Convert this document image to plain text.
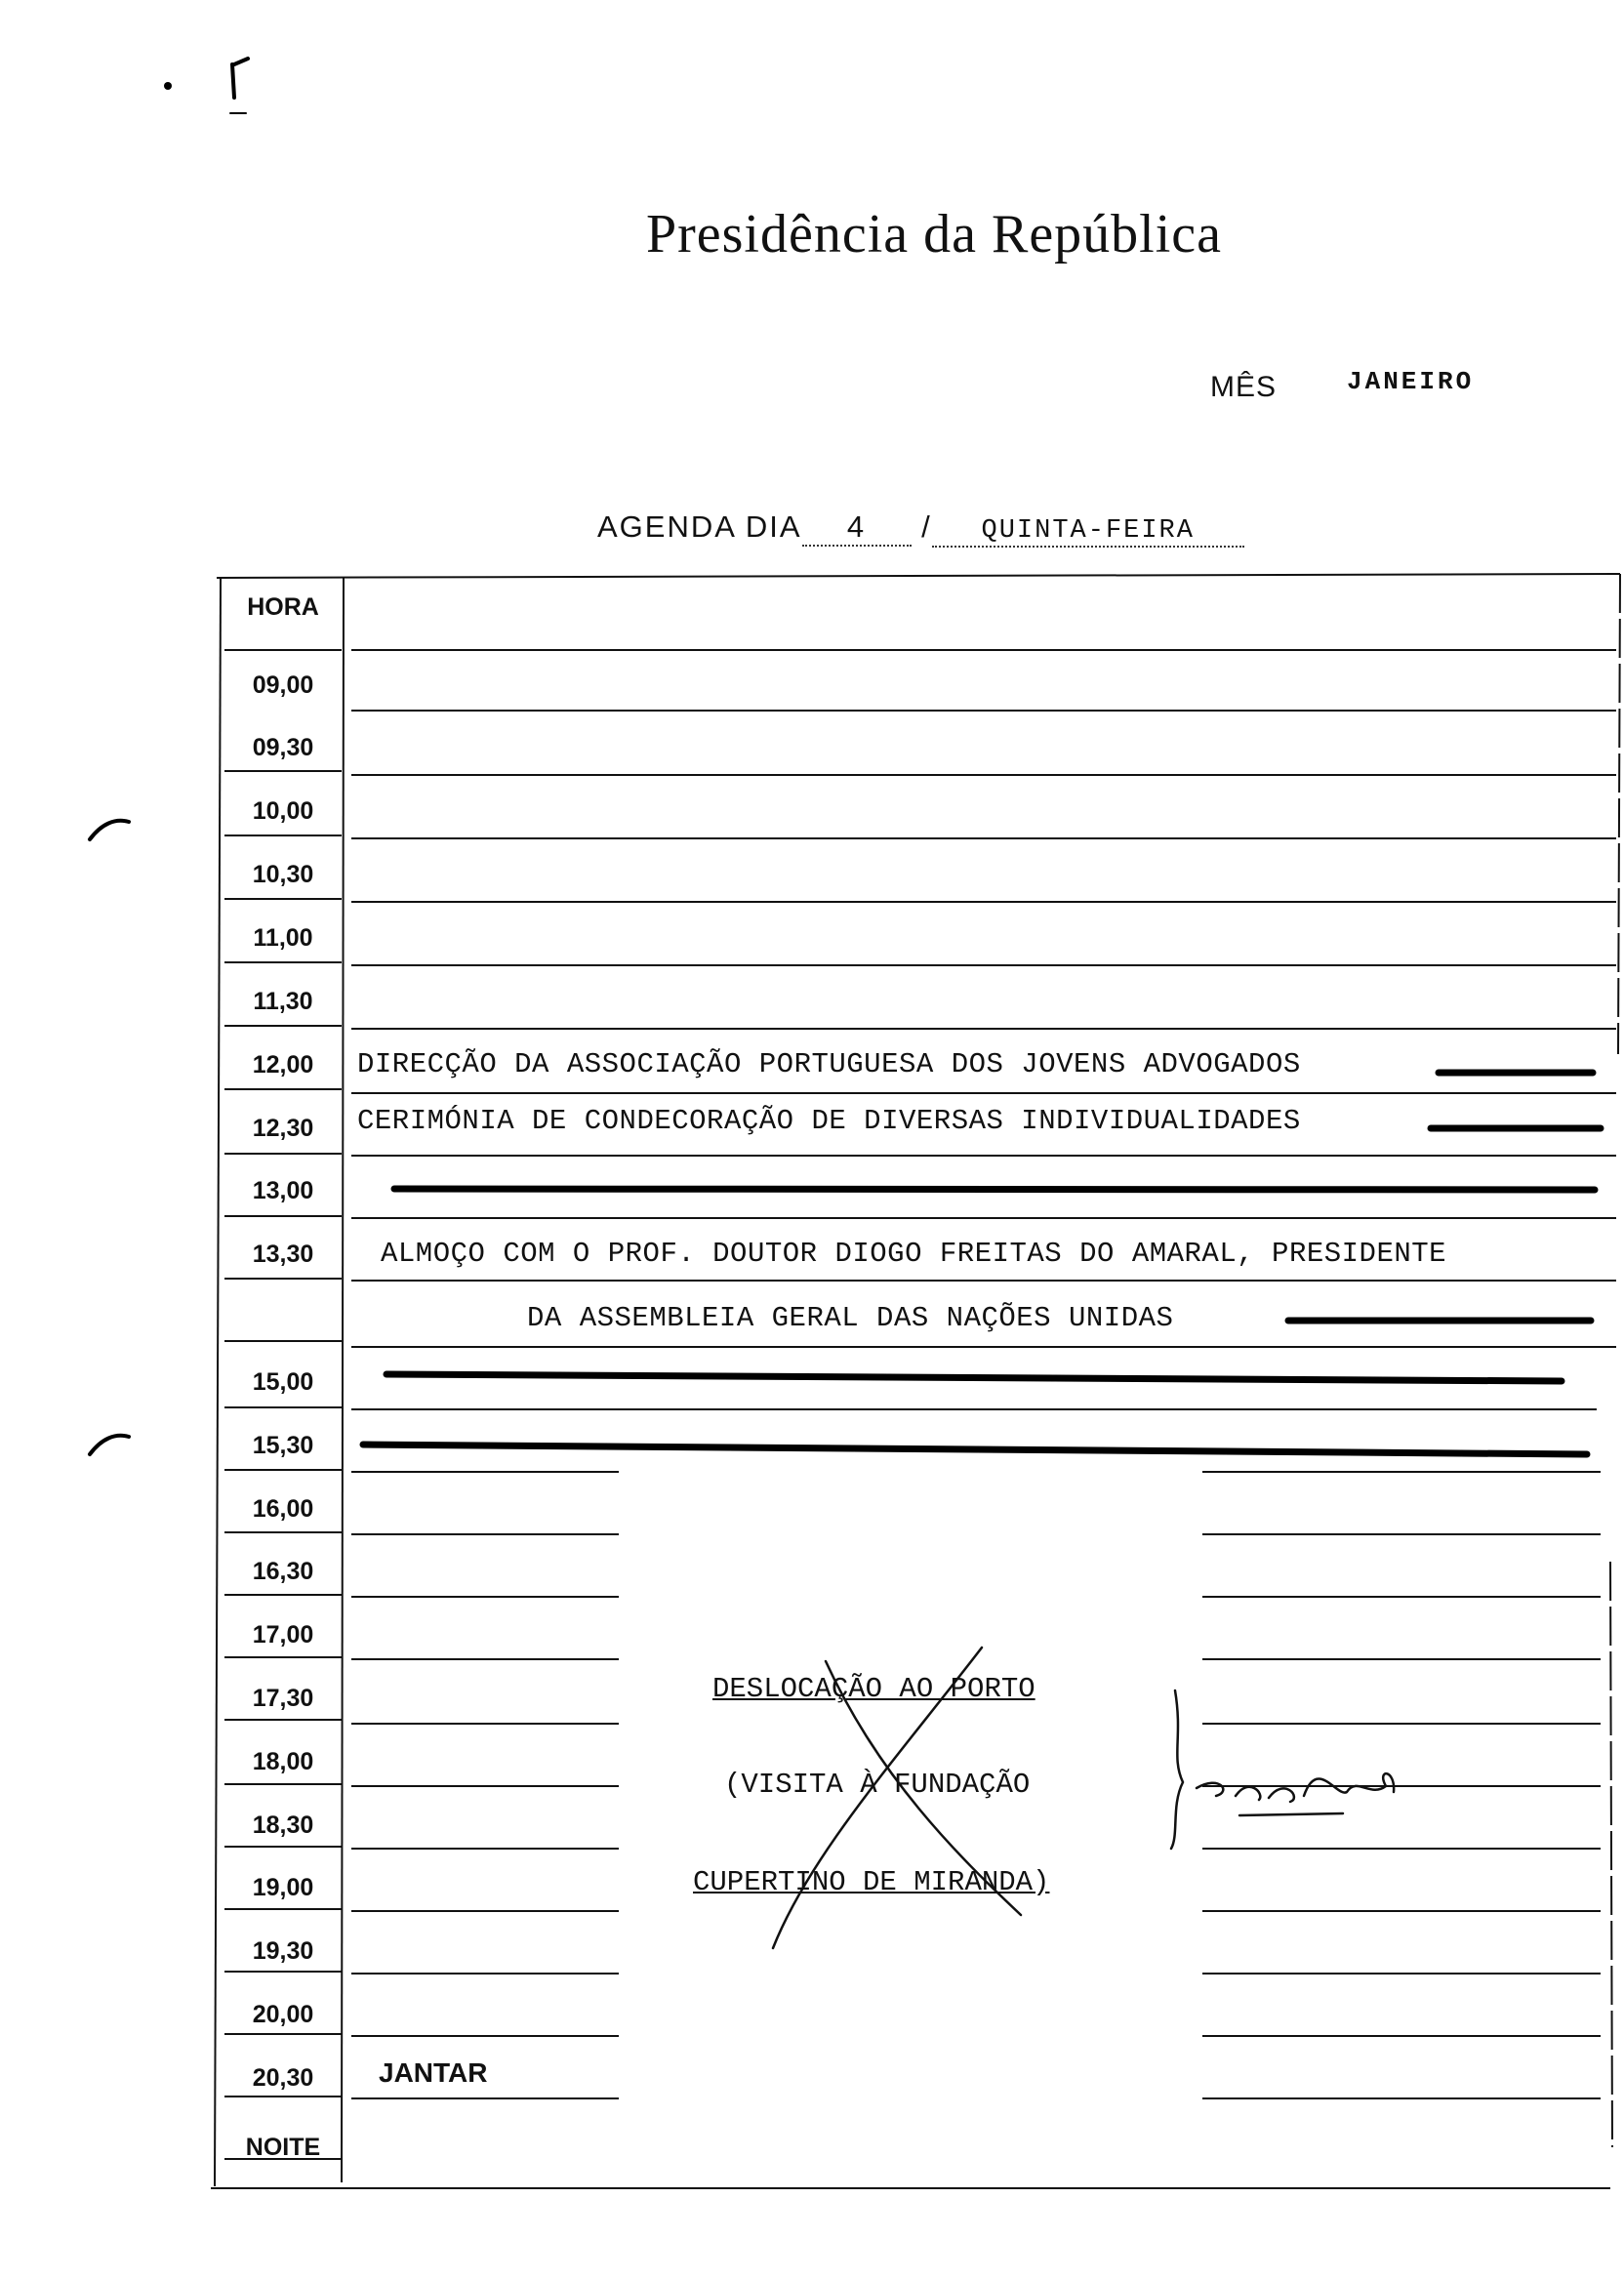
Presidência da República
MÊS	JANEIRO
AGENDA DIA 4 / QUINTA-FEIRA
HORA
09,00
09,30
10,00
10,30
11,00
11,30
12,00
12,30
13,00
13,30
15,00
15,30
16,00
16,30
17,00
17,30
18,00
18,30
19,00
19,30
20,00
20,30
NOITE
DIRECÇÃO DA ASSOCIAÇÃO PORTUGUESA DOS JOVENS ADVOGADOS
CERIMÓNIA DE CONDECORAÇÃO DE DIVERSAS INDIVIDUALIDADES
ALMOÇO COM O PROF. DOUTOR DIOGO FREITAS DO AMARAL, PRESIDENTE
DA ASSEMBLEIA GERAL DAS NAÇÕES UNIDAS
DESLOCAÇÃO AO PORTO
(VISITA À FUNDAÇÃO
CUPERTINO DE MIRANDA)
JANTAR
